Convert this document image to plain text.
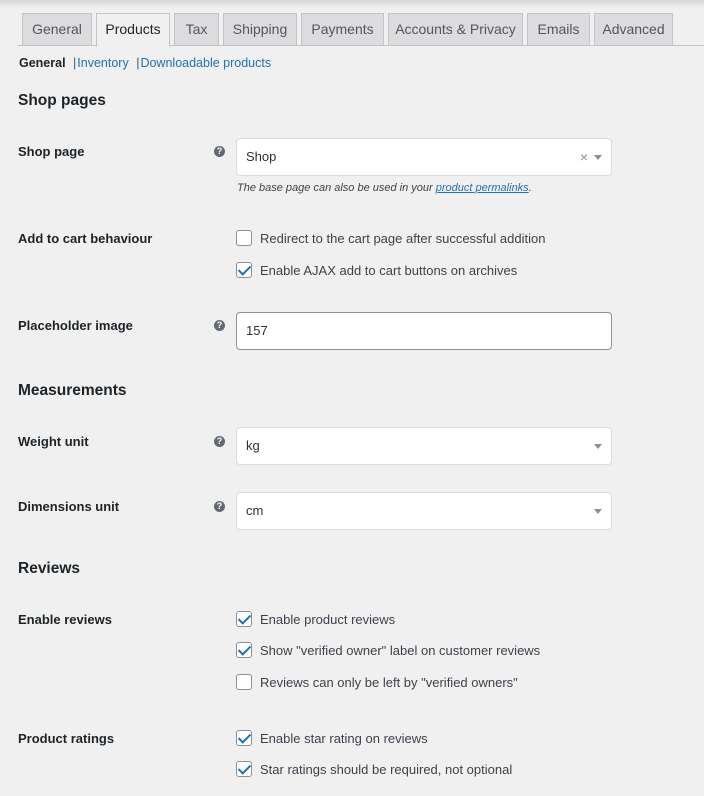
General	Products	Tax	Shipping	Payments	Accounts & Privacy	Emails	Advanced
General |Inventory |Downloadable products
Shop pages
Shop page	?	Shop	×
The base page can also be used in your product permalinks.
Add to cart behaviour	Redirect to the cart page after successful addition
Enable AJAX add to cart buttons on archives
Placeholder image	?	157
Measurements
Weight unit	?	kg
Dimensions unit	?	cm
Reviews
Enable reviews	Enable product reviews
Show "verified owner" label on customer reviews
Reviews can only be left by "verified owners"
Product ratings	Enable star rating on reviews
Star ratings should be required, not optional
